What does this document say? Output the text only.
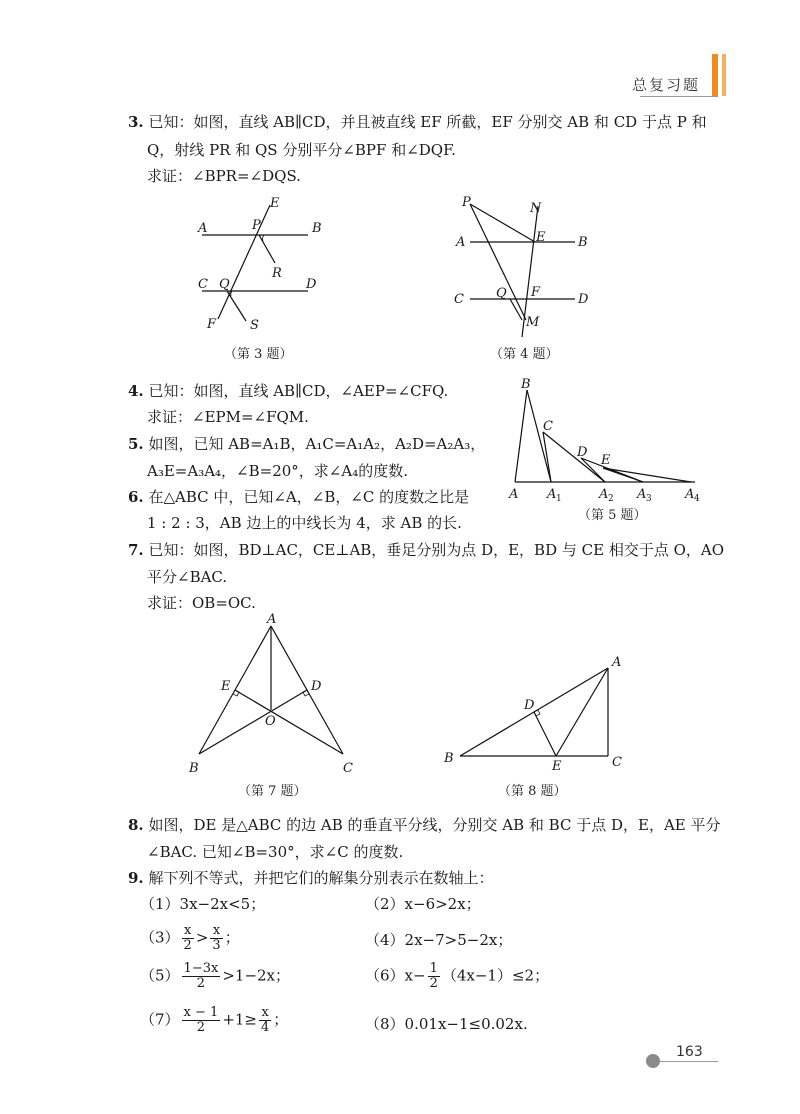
总复习题
3. 已知：如图，直线 AB∥CD，并且被直线 EF 所截，EF 分别交 AB 和 CD 于点 P 和
Q，射线 PR 和 QS 分别平分∠BPF 和∠DQF.
求证：∠BPR=∠DQS.
A	B
P
E
R
C Q	D
F	S
（第 3 题）
P	N
A	E	B
C Q F	D
M
（第 4 题）
4. 已知：如图，直线 AB∥CD，∠AEP=∠CFQ.
求证：∠EPM=∠FQM.
5. 如图，已知 AB=A₁B，A₁C=A₁A₂，A₂D=A₂A₃，
A₃E=A₃A₄，∠B=20°，求∠A₄的度数.
6. 在△ABC 中，已知∠A，∠B，∠C 的度数之比是
1 : 2 : 3，AB 边上的中线长为 4，求 AB 的长.
B
C
D
E
A A 1	A 2 A 3	A 4
（第 5 题）
7. 已知：如图，BD⊥AC，CE⊥AB，垂足分别为点 D，E，BD 与 CE 相交于点 O，AO
平分∠BAC.
求证：OB=OC.
A
E	D
O
B	C
（第 7 题）
A
D
B
E	C
（第 8 题）
8. 如图，DE 是△ABC 的边 AB 的垂直平分线，分别交 AB 和 BC 于点 D，E，AE 平分
∠BAC. 已知∠B=30°，求∠C 的度数.
9. 解下列不等式，并把它们的解集分别表示在数轴上：
（1）3x−2x<5；	（2）x−6>2x；
$(3) \frac{x}{2} > \frac{x}{3}$ ；	（4）2x−7>5−2x；
$(5) \frac{1-3x}{2} >1-2x$；	$(6)x- \frac{1}{2} (4x-1)\le 2$；
$(7) \frac{x - 1}{2} +1\ge \frac{x}{4}$ ；	（8）0.01x−1≤0.02x.
163
